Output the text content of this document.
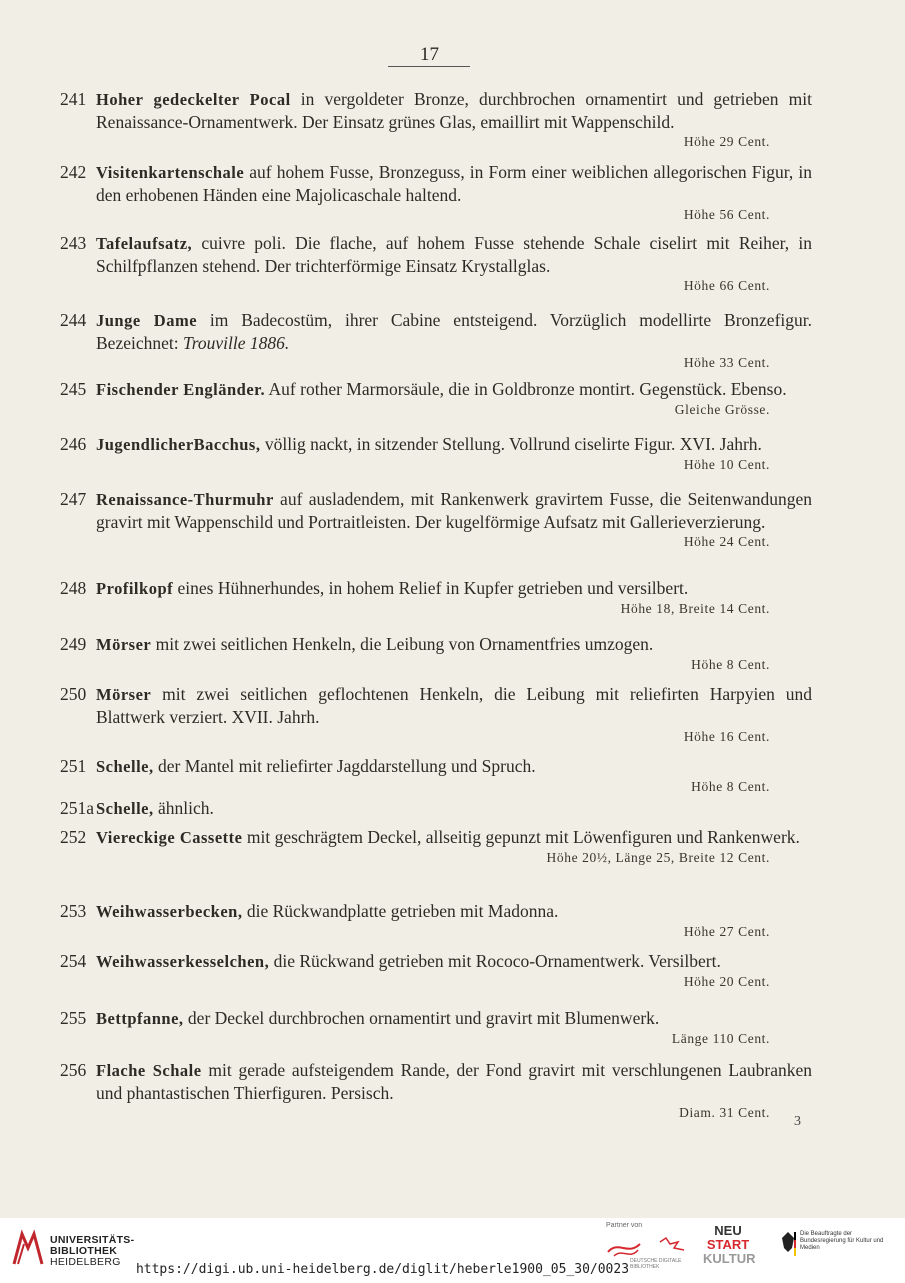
17
241 Hoher gedeckelter Pocal in vergoldeter Bronze, durchbrochen ornamentirt und getrieben mit Renaissance-Ornamentwerk. Der Einsatz grünes Glas, emaillirt mit Wappenschild.
Höhe 29 Cent.
242 Visitenkartenschale auf hohem Fusse, Bronzeguss, in Form einer weiblichen allegorischen Figur, in den erhobenen Händen eine Majolicaschale haltend.
Höhe 56 Cent.
243 Tafelaufsatz, cuivre poli. Die flache, auf hohem Fusse stehende Schale ciselirt mit Reiher, in Schilfpflanzen stehend. Der trichterförmige Einsatz Krystallglas.
Höhe 66 Cent.
244 Junge Dame im Badecostüm, ihrer Cabine entsteigend. Vorzüglich modellirte Bronzefigur. Bezeichnet: Trouville 1886.
Höhe 33 Cent.
245 Fischender Engländer. Auf rother Marmorsäule, die in Goldbronze montirt. Gegenstück. Ebenso.
Gleiche Grösse.
246 JugendlicherBacchus, völlig nackt, in sitzender Stellung. Vollrund ciselirte Figur. XVI. Jahrh.
Höhe 10 Cent.
247 Renaissance-Thurmuhr auf ausladendem, mit Rankenwerk gravirtem Fusse, die Seitenwandungen gravirt mit Wappenschild und Portraitleisten. Der kugelförmige Aufsatz mit Gallerieverzierung.
Höhe 24 Cent.
248 Profilkopf eines Hühnerhundes, in hohem Relief in Kupfer getrieben und versilbert.
Höhe 18, Breite 14 Cent.
249 Mörser mit zwei seitlichen Henkeln, die Leibung von Ornamentfries umzogen.
Höhe 8 Cent.
250 Mörser mit zwei seitlichen geflochtenen Henkeln, die Leibung mit reliefirten Harpyien und Blattwerk verziert. XVII. Jahrh.
Höhe 16 Cent.
251 Schelle, der Mantel mit reliefirter Jagddarstellung und Spruch.
Höhe 8 Cent.
251a Schelle, ähnlich.
252 Viereckige Cassette mit geschrägtem Deckel, allseitig gepunzt mit Löwenfiguren und Rankenwerk.
Höhe 20½, Länge 25, Breite 12 Cent.
253 Weihwasserbecken, die Rückwandplatte getrieben mit Madonna.
Höhe 27 Cent.
254 Weihwasserkesselchen, die Rückwand getrieben mit Rococo-Ornamentwerk. Versilbert.
Höhe 20 Cent.
255 Bettpfanne, der Deckel durchbrochen ornamentirt und gravirt mit Blumenwerk.
Länge 110 Cent.
256 Flache Schale mit gerade aufsteigendem Rande, der Fond gravirt mit verschlungenen Laubranken und phantastischen Thierfiguren. Persisch.
Diam. 31 Cent.
3
UNIVERSITÄTS-
BIBLIOTHEK
HEIDELBERG
Partner von
DEUTSCHE DIGITALE BIBLIOTHEK
NEU
START
KULTUR
Die Beauftragte der Bundesregierung für Kultur und Medien
https://digi.ub.uni-heidelberg.de/diglit/heberle1900_05_30/0023
